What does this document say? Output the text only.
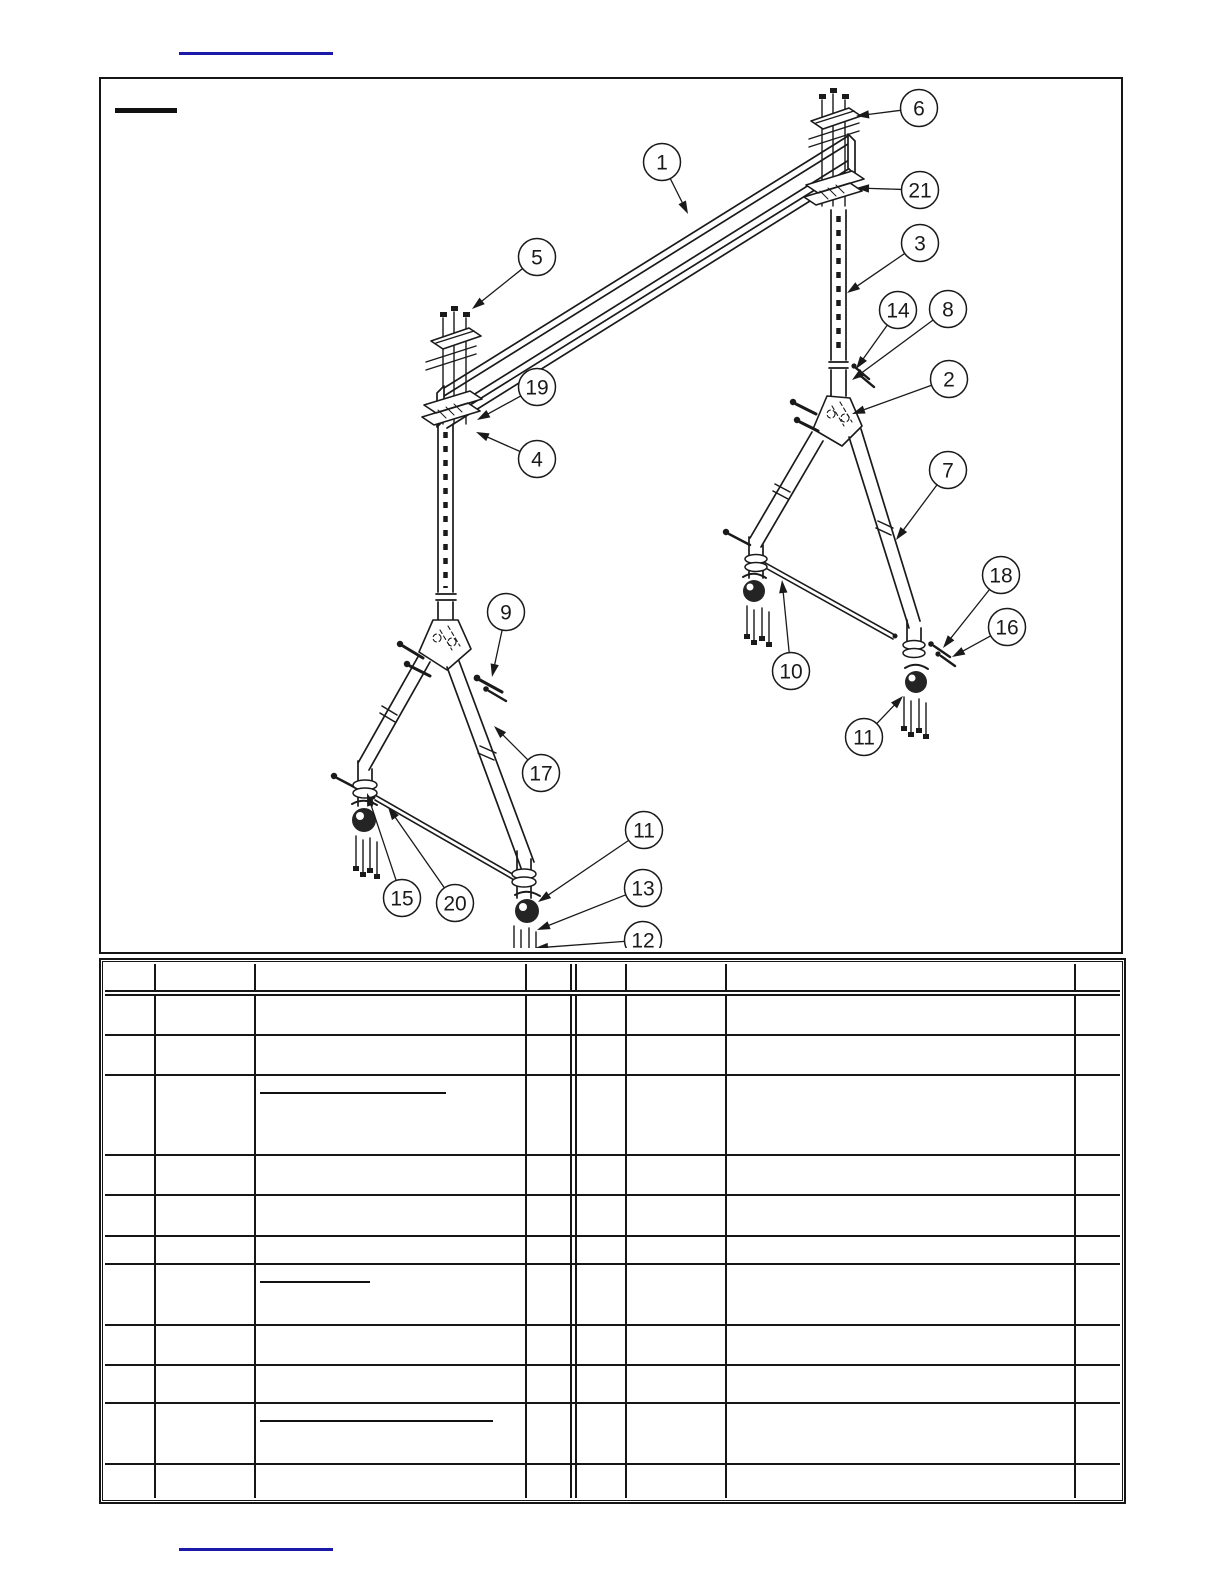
1
5
19
4
6
21
3
14 8
2
7
18
16
10
11
9
17
15 20
11
13
12
